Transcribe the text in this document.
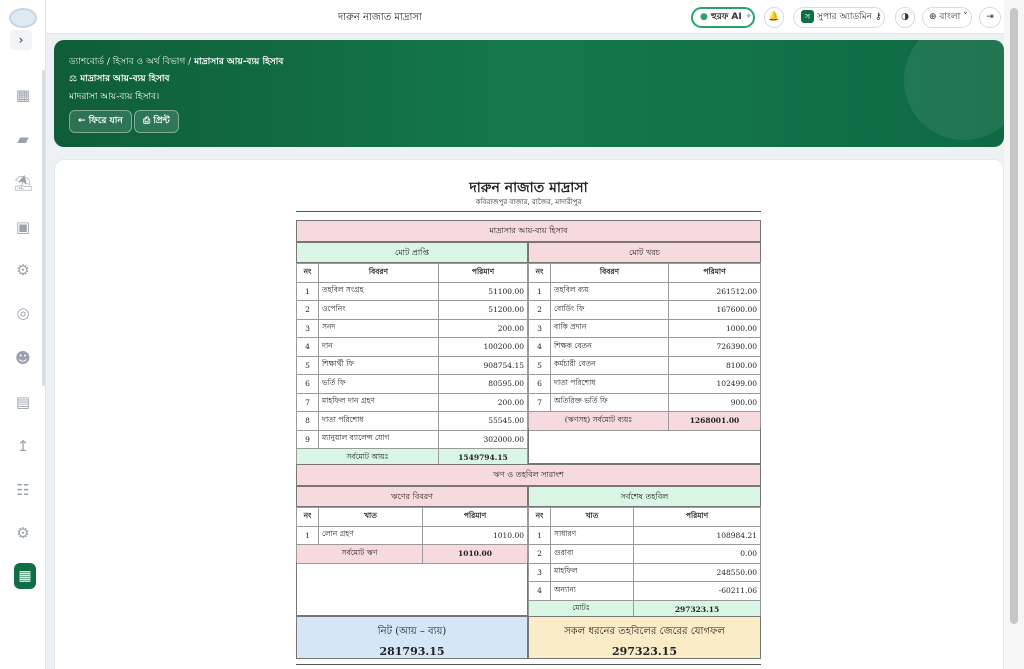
›
▦
▰
⛱
▣
⚙
◎
☻
▤
↥
☷
⚙
▦
দারুন নাজাত মাদ্রাসা	● হুরফ AI ✦	🔔	স সুপার অ্যাডমিন ⚷	◑	⊕ বাংলা ˅	⇥
ড্যাশবোর্ড / হিসাব ও অর্থ বিভাগ / মাদ্রাসার আয়-ব্যয় হিসাব
⚖ মাদ্রাসার আয়-ব্যয় হিসাব
মাদরাসা আয়-ব্যয় হিসাব।
← ফিরে যান	⎙ প্রিন্ট
দারুন নাজাত মাদ্রাসা
কবিরাজপুর বাজার, রাজৈর, মাদারীপুর
মাদ্রাসার আয়-ব্যয় হিসাব
মোট প্রাপ্তি	মোট খরচ
নং	বিবরণ	পরিমাণ
1	তহবিল সংগ্রহ	51100.00
2	ওপেনিং	51200.00
3	সনদ	200.00
4	দান	100200.00
5	শিক্ষার্থী ফি	908754.15
6	ভর্তি ফি	80595.00
7	মাহফিল দান গ্রহণ	200.00
8	দাতা পরিশোধ	55545.00
9	ম্যানুয়াল ব্যালেন্স যোগ	302000.00
সর্বমোট আয়ঃ		1549794.15
নং	বিবরণ	পরিমাণ
1	তহবিল ব্যয়	261512.00
2	বোর্ডিং ফি	167600.00
3	বাকি প্রদান	1000.00
4	শিক্ষক বেতন	726390.00
5	কর্মচারী বেতন	8100.00
6	দাতা পরিশোধ	102499.00
7	অতিরিক্ত ভর্তি ফি	900.00
(ঋণসহ) সর্বমোট ব্যয়ঃ		1268001.00
ঋণ ও তহবিল সারাংশ
ঋণের বিবরণ	সর্বশেষ তহবিল
নং	খাত	পরিমাণ
1	লোন গ্রহণ	1010.00
সর্বমোট ঋণ		1010.00
নং	খাত	পরিমাণ
1	সাধারণ	108984.21
2	গুরাবা	0.00
3	মাহফিল	248550.00
4	অন্যান্য	-60211.06
মোটঃ		297323.15
নিট (আয় – ব্যয়)
281793.15
সকল ধরনের তহবিলের জেরের যোগফল
297323.15
